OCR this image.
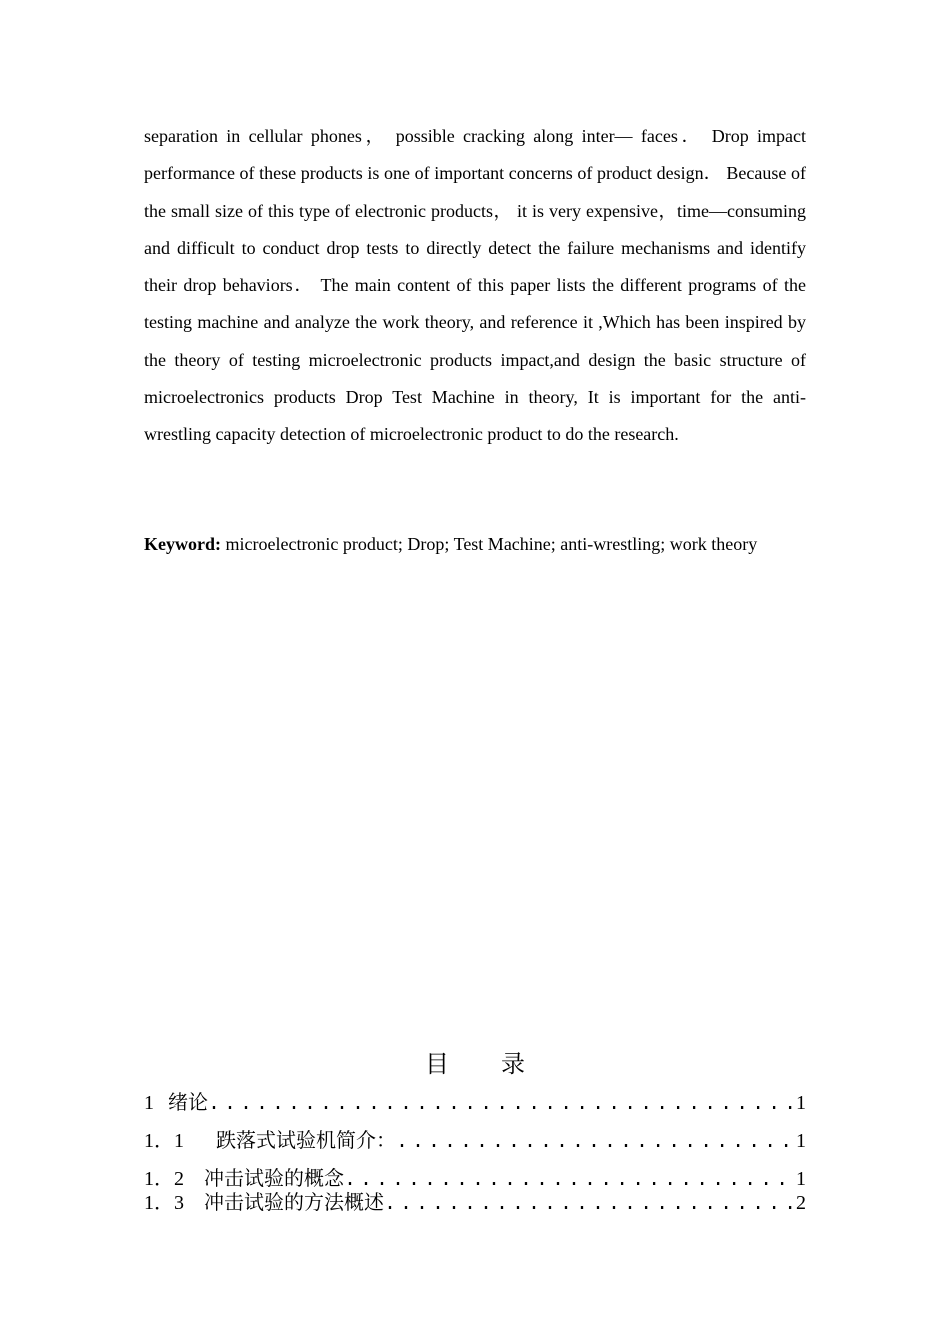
separation in cellular phones， possible cracking along inter— faces． Drop impact performance of these products is one of important concerns of product design． Because of the small size of this type of electronic products， it is very expensive，time—consuming and difficult to conduct drop tests to directly detect the failure mechanisms and identify their drop behaviors． The main content of this paper lists the different programs of the testing machine and analyze the work theory, and reference it ,Which has been inspired by the theory of testing microelectronic products impact,and design the basic structure of microelectronics products Drop Test Machine in theory, It is important for the anti-wrestling capacity detection of microelectronic product to do the research.

Keyword: microelectronic product; Drop; Test Machine; anti-wrestling; work theory

目 录
1 绪论 . . .	1
1．1	跌落式试验机简介： . . .	1
1．2	冲击试验的概念 . . .	1
1．3	冲击试验的方法概述 . . .	2
